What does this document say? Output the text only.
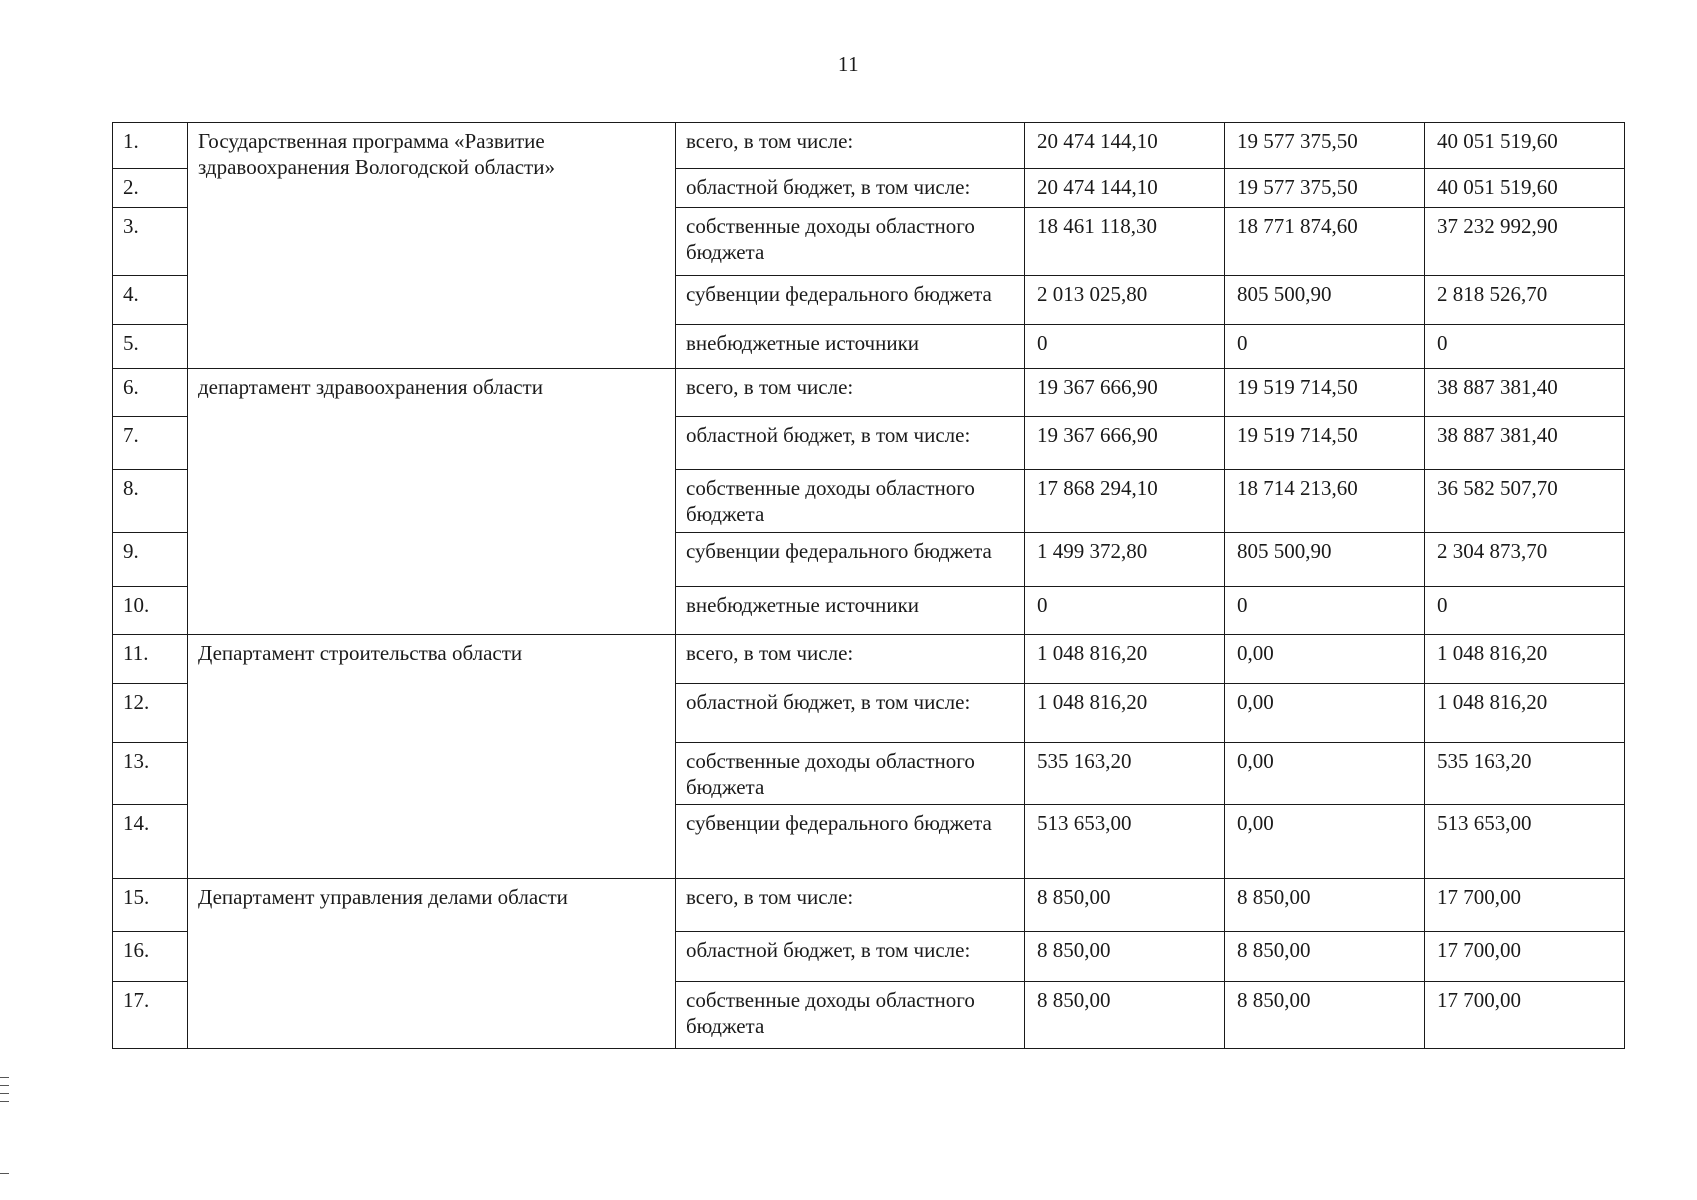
11
1.	Государственная программа «Развитие здравоохранения Вологодской области»	всего, в том числе:	20 474 144,10	19 577 375,50	40 051 519,60
2.		областной бюджет, в том числе:	20 474 144,10	19 577 375,50	40 051 519,60
3.		собственные доходы областного бюджета	18 461 118,30	18 771 874,60	37 232 992,90
4.		субвенции федерального бюджета	2 013 025,80	805 500,90	2 818 526,70
5.		внебюджетные источники	0	0	0
6.	департамент здравоохранения области	всего, в том числе:	19 367 666,90	19 519 714,50	38 887 381,40
7.		областной бюджет, в том числе:	19 367 666,90	19 519 714,50	38 887 381,40
8.		собственные доходы областного бюджета	17 868 294,10	18 714 213,60	36 582 507,70
9.		субвенции федерального бюджета	1 499 372,80	805 500,90	2 304 873,70
10.		внебюджетные источники	0	0	0
11.	Департамент строительства области	всего, в том числе:	1 048 816,20	0,00	1 048 816,20
12.		областной бюджет, в том числе:	1 048 816,20	0,00	1 048 816,20
13.		собственные доходы областного бюджета	535 163,20	0,00	535 163,20
14.		субвенции федерального бюджета	513 653,00	0,00	513 653,00
15.	Департамент управления делами области	всего, в том числе:	8 850,00	8 850,00	17 700,00
16.		областной бюджет, в том числе:	8 850,00	8 850,00	17 700,00
17.		собственные доходы областного бюджета	8 850,00	8 850,00	17 700,00
